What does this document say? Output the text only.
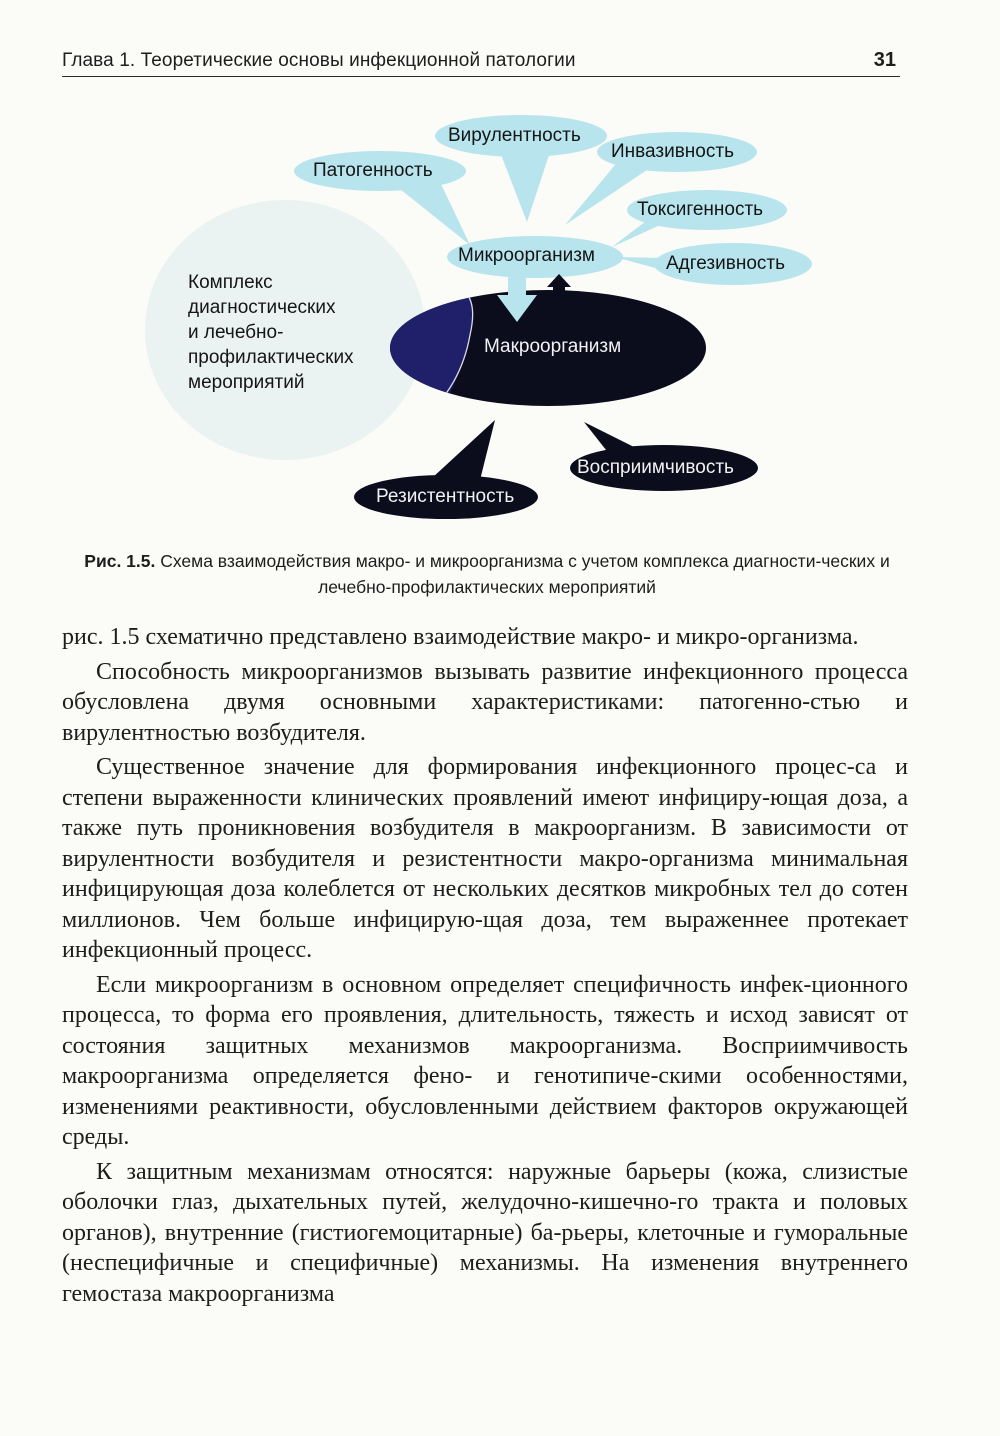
Глава 1. Теоретические основы инфекционной патологии	31
Патогенность
Вирулентность
Инвазивность
Токсигенность
Адгезивность
Микроорганизм
Макроорганизм
Резистентность
Восприимчивость
Комплекс
диагностических
и лечебно-
профилактических
мероприятий
Рис. 1.5. Схема взаимодействия макро- и микроорганизма с учетом комплекса диагности-ческих и лечебно-профилактических мероприятий

рис. 1.5 схематично представлено взаимодействие макро- и микро-организма.

Способность микроорганизмов вызывать развитие инфекционного процесса обусловлена двумя основными характеристиками: патогенно-стью и вирулентностью возбудителя.

Существенное значение для формирования инфекционного процес-са и степени выраженности клинических проявлений имеют инфициру-ющая доза, а также путь проникновения возбудителя в макроорганизм. В зависимости от вирулентности возбудителя и резистентности макро-организма минимальная инфицирующая доза колеблется от нескольких десятков микробных тел до сотен миллионов. Чем больше инфицирую-щая доза, тем выраженнее протекает инфекционный процесс.

Если микроорганизм в основном определяет специфичность инфек-ционного процесса, то форма его проявления, длительность, тяжесть и исход зависят от состояния защитных механизмов макроорганизма. Восприимчивость макроорганизма определяется фено- и генотипиче-скими особенностями, изменениями реактивности, обусловленными действием факторов окружающей среды.

К защитным механизмам относятся: наружные барьеры (кожа, слизистые оболочки глаз, дыхательных путей, желудочно-кишечно-го тракта и половых органов), внутренние (гистиогемоцитарные) ба-рьеры, клеточные и гуморальные (неспецифичные и специфичные) механизмы. На изменения внутреннего гемостаза макроорганизма
